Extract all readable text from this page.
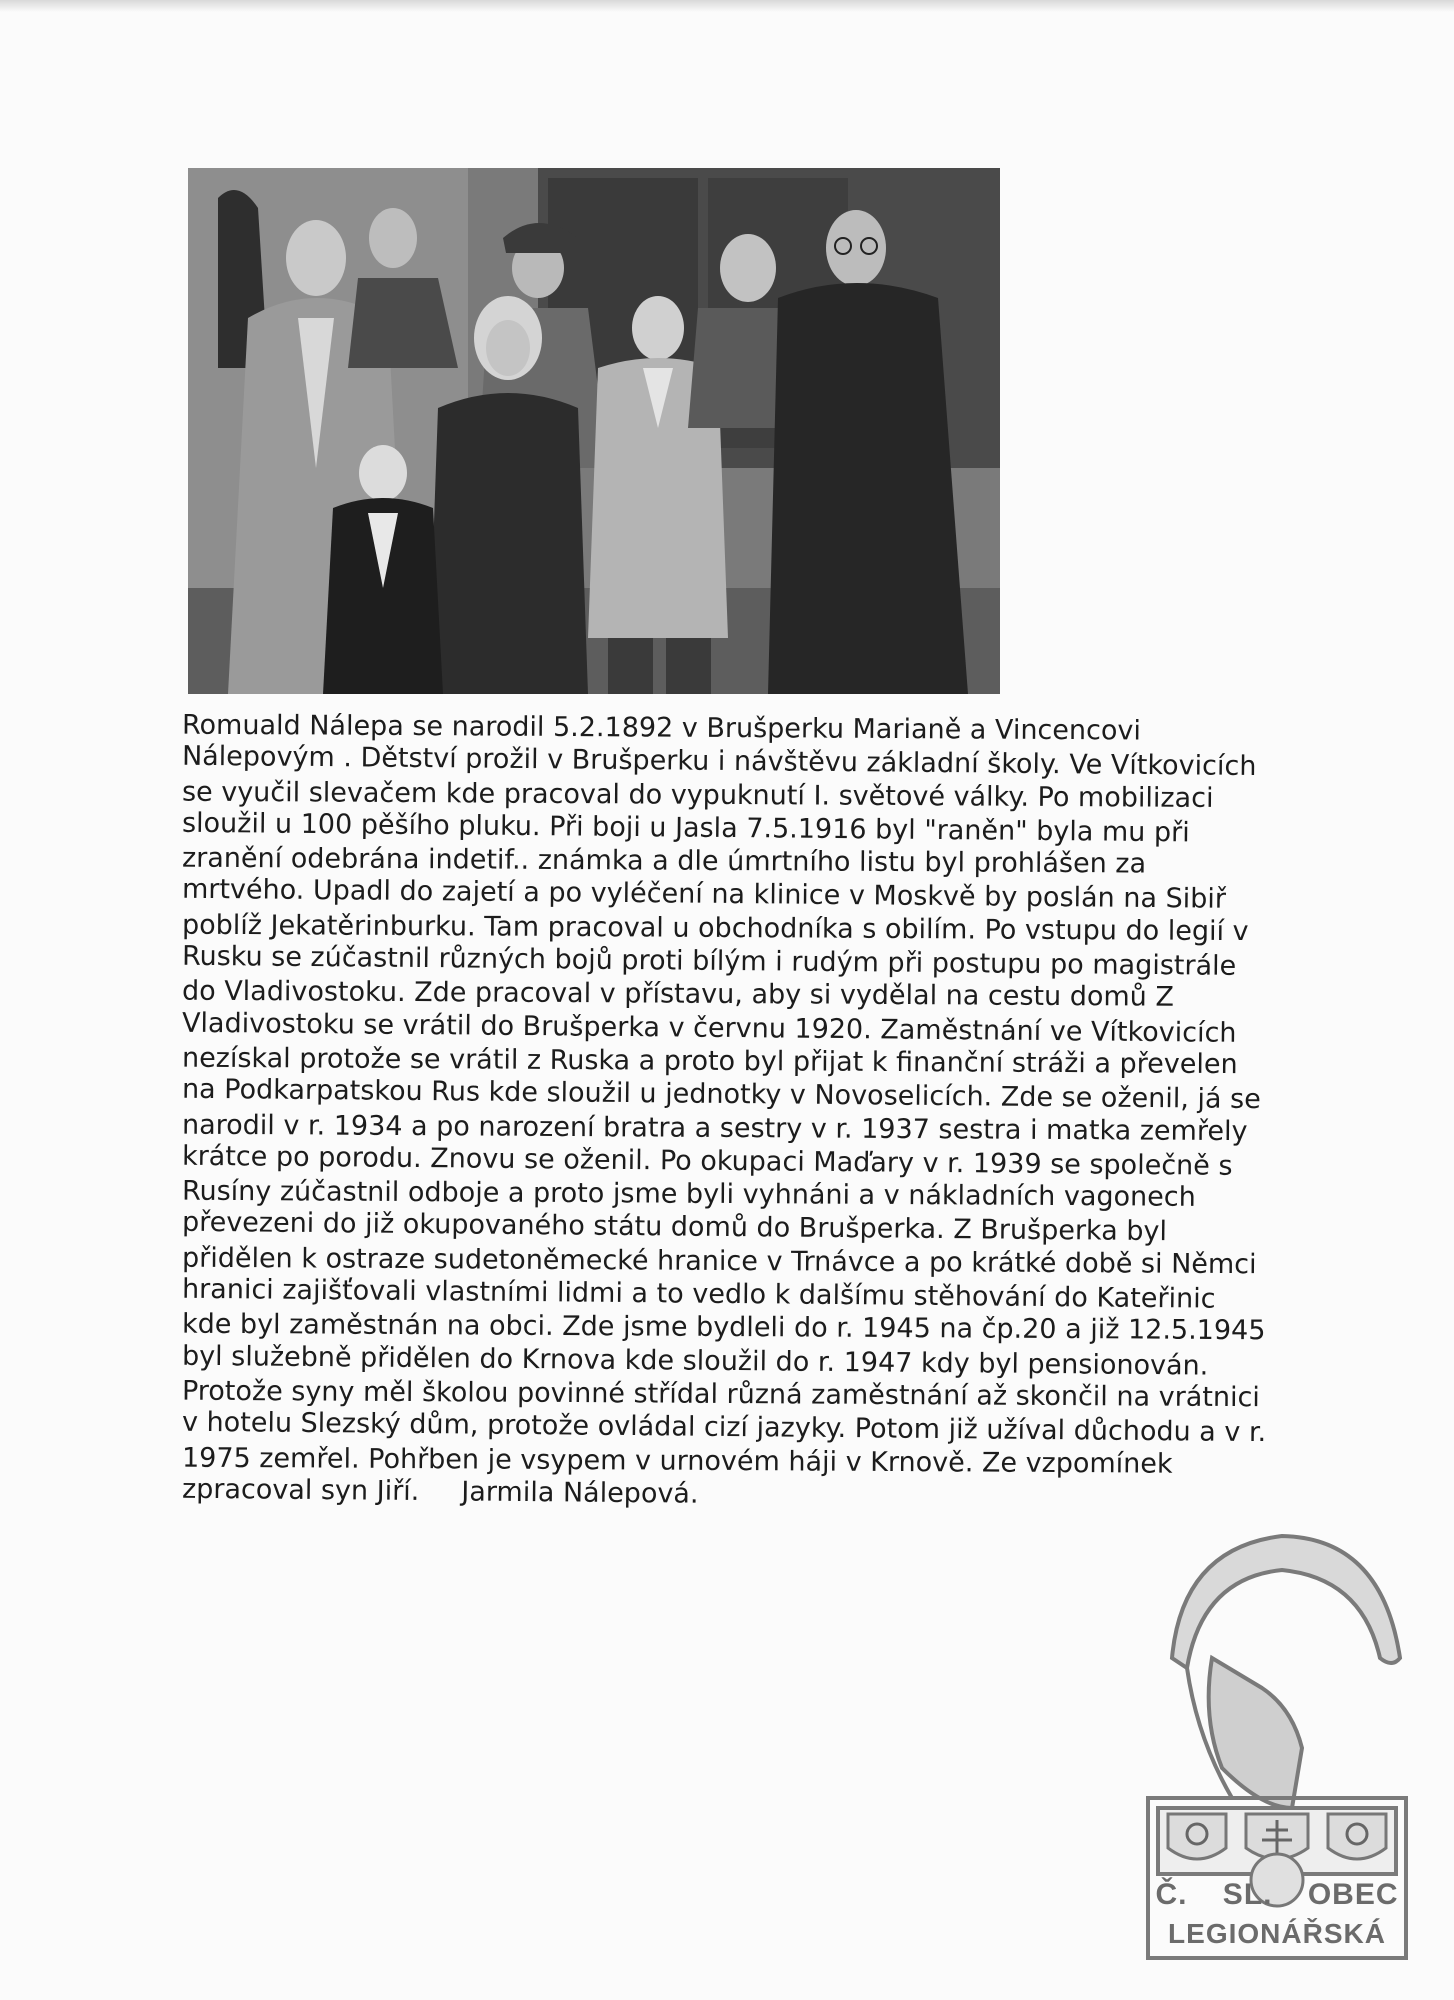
Romuald Nálepa se narodil 5.2.1892 v Brušperku Marianě a Vincencovi
Nálepovým . Dětství prožil v Brušperku i návštěvu základní školy. Ve Vítkovicích
se vyučil slevačem kde pracoval do vypuknutí I. světové války. Po mobilizaci
sloužil u 100 pěšího pluku. Při boji u Jasla 7.5.1916 byl "raněn" byla mu při
zranění odebrána indetif.. známka a dle úmrtního listu byl prohlášen za
mrtvého. Upadl do zajetí a po vyléčení na klinice v Moskvě by poslán na Sibiř
poblíž Jekatěrinburku. Tam pracoval u obchodníka s obilím. Po vstupu do legií v
Rusku se zúčastnil různých bojů proti bílým i rudým při postupu po magistrále
do Vladivostoku. Zde pracoval v přístavu, aby si vydělal na cestu domů Z
Vladivostoku se vrátil do Brušperka v červnu 1920. Zaměstnání ve Vítkovicích
nezískal protože se vrátil z Ruska a proto byl přijat k finanční stráži a převelen
na Podkarpatskou Rus kde sloužil u jednotky v Novoselicích. Zde se oženil, já se
narodil v r. 1934 a po narození bratra a sestry v r. 1937 sestra i matka zemřely
krátce po porodu. Znovu se oženil. Po okupaci Maďary v r. 1939 se společně s
Rusíny zúčastnil odboje a proto jsme byli vyhnáni a v nákladních vagonech
převezeni do již okupovaného státu domů do Brušperka. Z Brušperka byl
přidělen k ostraze sudetoněmecké hranice v Trnávce a po krátké době si Němci
hranici zajišťovali vlastními lidmi a to vedlo k dalšímu stěhování do Kateřinic
kde byl zaměstnán na obci. Zde jsme bydleli do r. 1945 na čp.20 a již 12.5.1945
byl služebně přidělen do Krnova kde sloužil do r. 1947 kdy byl pensionován.
Protože syny měl školou povinné střídal různá zaměstnání až skončil na vrátnici
v hotelu Slezský dům, protože ovládal cizí jazyky. Potom již užíval důchodu a v r.
1975 zemřel. Pohřben je vsypem v urnovém háji v Krnově. Ze vzpomínek
zpracoval syn Jiří. Jarmila Nálepová.
Č. SL. OBEC
LEGIONÁŘSKÁ
